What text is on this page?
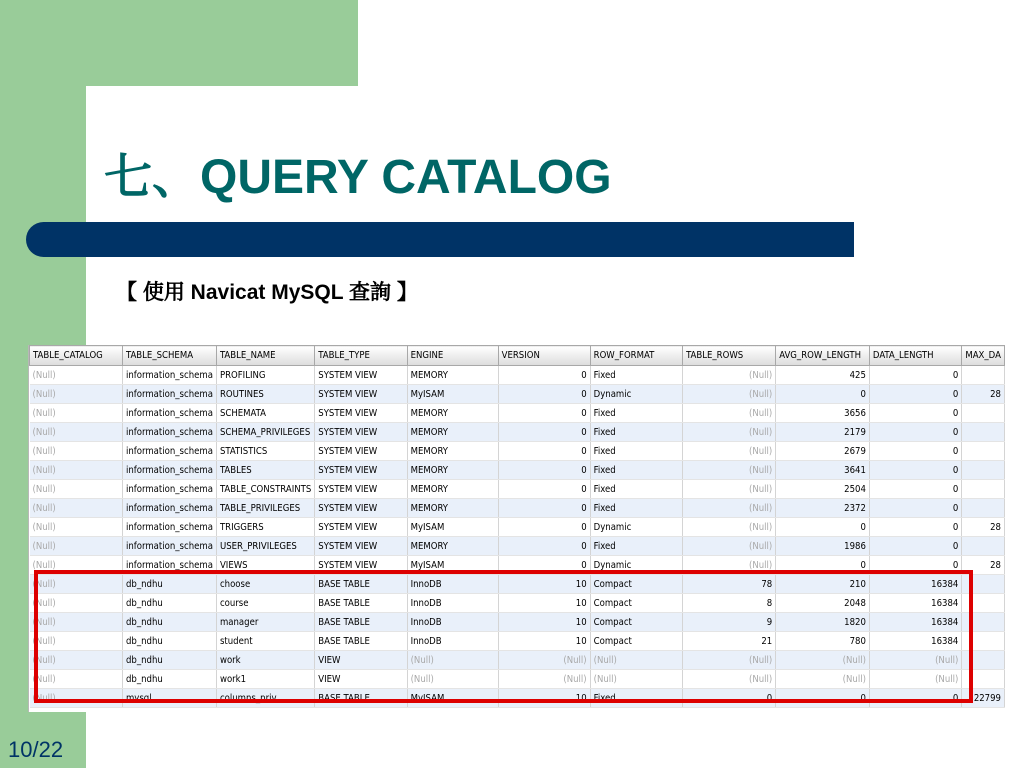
七、QUERY CATALOG
【 使用 Navicat MySQL 查詢 】
TABLE_CATALOG	TABLE_SCHEMA	TABLE_NAME	TABLE_TYPE	ENGINE	VERSION	ROW_FORMAT	TABLE_ROWS	AVG_ROW_LENGTH	DATA_LENGTH	MAX_DA
(Null)	information_schema	PROFILING	SYSTEM VIEW	MEMORY	0	Fixed	(Null)	425	0	
(Null)	information_schema	ROUTINES	SYSTEM VIEW	MyISAM	0	Dynamic	(Null)	0	0	28
(Null)	information_schema	SCHEMATA	SYSTEM VIEW	MEMORY	0	Fixed	(Null)	3656	0	
(Null)	information_schema	SCHEMA_PRIVILEGES	SYSTEM VIEW	MEMORY	0	Fixed	(Null)	2179	0	
(Null)	information_schema	STATISTICS	SYSTEM VIEW	MEMORY	0	Fixed	(Null)	2679	0	
(Null)	information_schema	TABLES	SYSTEM VIEW	MEMORY	0	Fixed	(Null)	3641	0	
(Null)	information_schema	TABLE_CONSTRAINTS	SYSTEM VIEW	MEMORY	0	Fixed	(Null)	2504	0	
(Null)	information_schema	TABLE_PRIVILEGES	SYSTEM VIEW	MEMORY	0	Fixed	(Null)	2372	0	
(Null)	information_schema	TRIGGERS	SYSTEM VIEW	MyISAM	0	Dynamic	(Null)	0	0	28
(Null)	information_schema	USER_PRIVILEGES	SYSTEM VIEW	MEMORY	0	Fixed	(Null)	1986	0	
(Null)	information_schema	VIEWS	SYSTEM VIEW	MyISAM	0	Dynamic	(Null)	0	0	28
(Null)	db_ndhu	choose	BASE TABLE	InnoDB	10	Compact	78	210	16384	
(Null)	db_ndhu	course	BASE TABLE	InnoDB	10	Compact	8	2048	16384	
(Null)	db_ndhu	manager	BASE TABLE	InnoDB	10	Compact	9	1820	16384	
(Null)	db_ndhu	student	BASE TABLE	InnoDB	10	Compact	21	780	16384	
(Null)	db_ndhu	work	VIEW	(Null)	(Null)	(Null)	(Null)	(Null)	(Null)	
(Null)	db_ndhu	work1	VIEW	(Null)	(Null)	(Null)	(Null)	(Null)	(Null)	
(Null)	mysql	columns_priv	BASE TABLE	MyISAM	10	Fixed	0	0	0	22799
10/22
